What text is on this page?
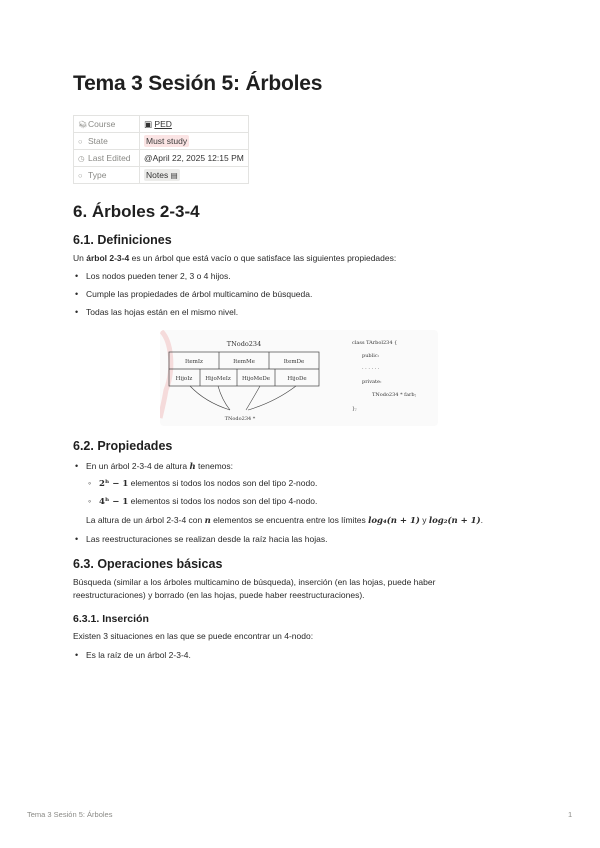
Tema 3 Sesión 5: Árboles
📚︎Course	▣ PED
○ State	Must study
◷ Last Edited	@April 22, 2025 12:15 PM
○ Type	Notes ▤
6. Árboles 2-3-4
6.1. Definiciones

Un árbol 2-3-4 es un árbol que está vacío o que satisface las siguientes propiedades:

• Los nodos pueden tener 2, 3 o 4 hijos.
• Cumple las propiedades de árbol multicamino de búsqueda.
• Todas las hojas están en el mismo nivel.
6.2. Propiedades
• En un árbol 2-3-4 de altura h tenemos:
◦ 2ʰ − 1 elementos si todos los nodos son del tipo 2-nodo.
◦ 4ʰ − 1 elementos si todos los nodos son del tipo 4-nodo.

La altura de un árbol 2-3-4 con n elementos se encuentra entre los límites log₄(n + 1) y log₂(n + 1).

• Las reestructuraciones se realizan desde la raíz hacia las hojas.
6.3. Operaciones básicas

Búsqueda (similar a los árboles multicamino de búsqueda), inserción (en las hojas, puede haber
reestructuraciones) y borrado (en las hojas, puede haber reestructuraciones).

6.3.1. Inserción

Existen 3 situaciones en las que se puede encontrar un 4-nodo:

• Es la raíz de un árbol 2-3-4.
TNodo234
ItemIz	ItemMe	ItemDe
HijoIz HijoMeIz HijoMeDe	HijoDe
TNodo234 *
class TArbol234 {
public:
· · · · · ·
private:
TNodo234 * farb;
};
Tema 3 Sesión 5: Árboles	1
